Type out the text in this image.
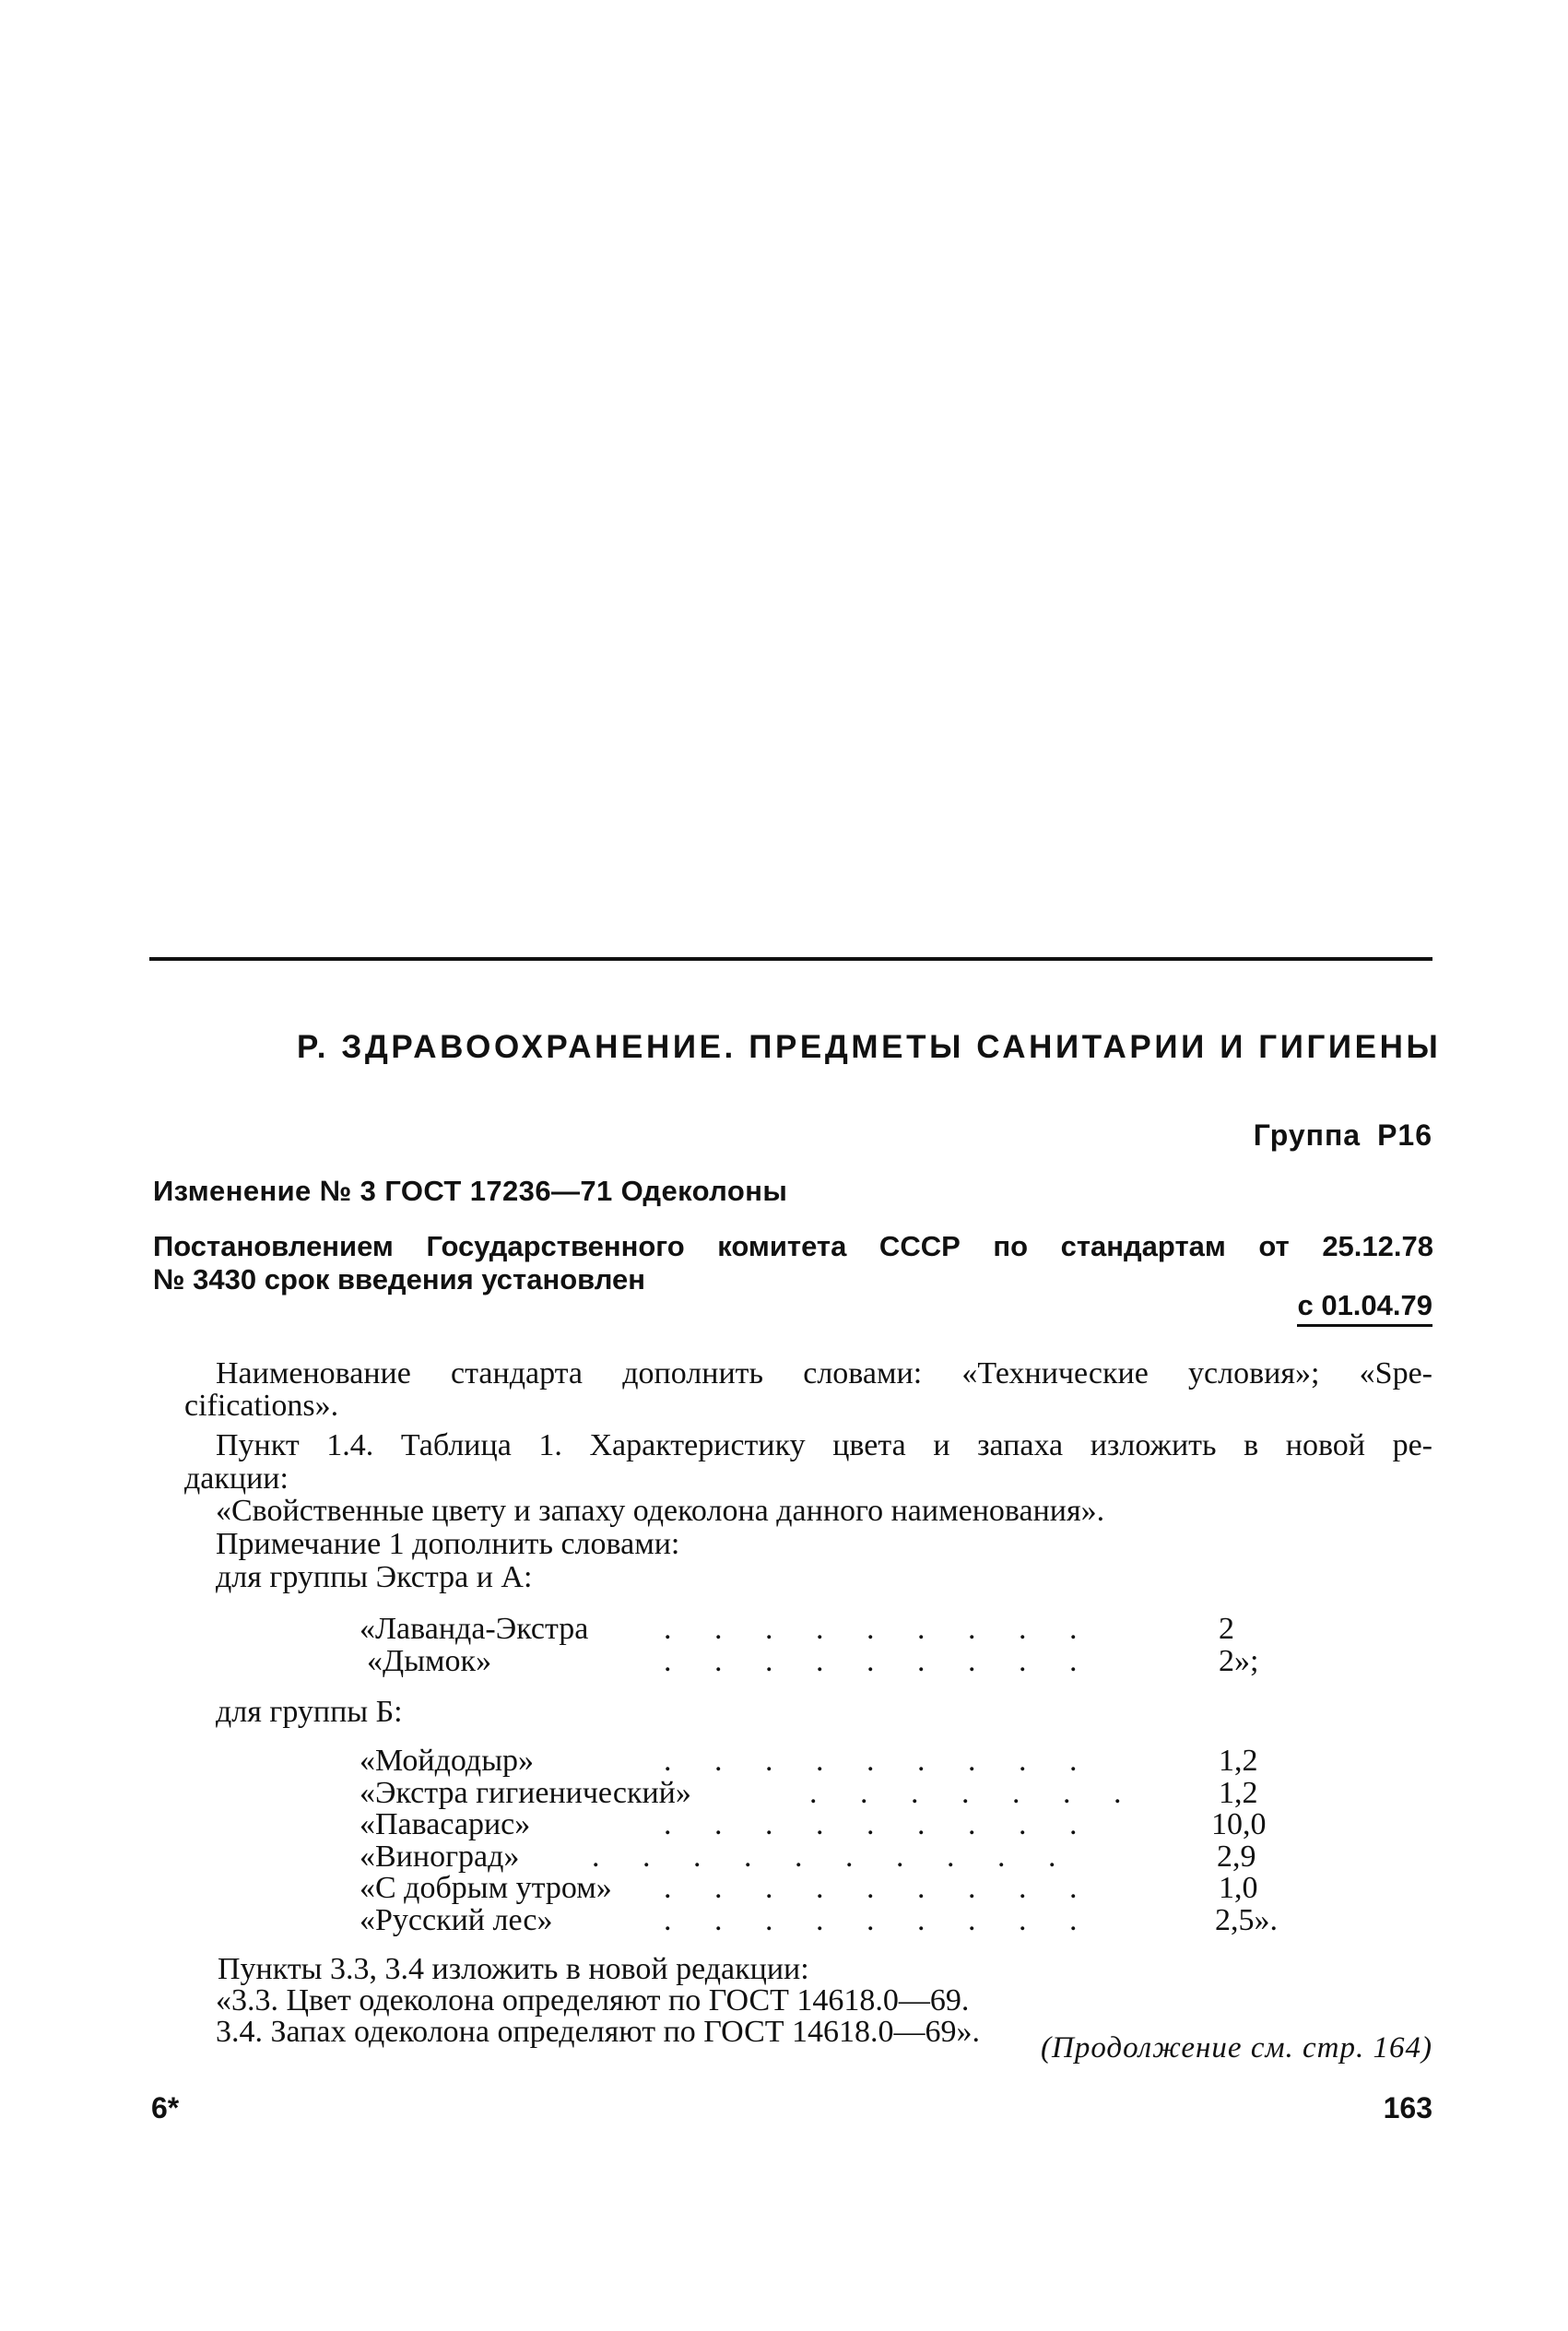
Р. ЗДРАВООХРАНЕНИЕ. ПРЕДМЕТЫ САНИТАРИИ И ГИГИЕНЫ
Группа Р16
Изменение № 3 ГОСТ 17236—71 Одеколоны
Постановлением Государственного комитета СССР по стандартам от 25.12.78
№ 3430 срок введения установлен
с 01.04.79
Наименование стандарта дополнить словами: «Технические условия»; «Spe-
cifications».
Пункт 1.4. Таблица 1. Характеристику цвета и запаха изложить в новой ре-
дакции:
«Свойственные цвету и запаху одеколона данного наименования».
Примечание 1 дополнить словами:
для группы Экстра и А:
«Лаванда-Экстра . . . . . . . . .	2
«Дымок»	. . . . . . . . .	2»;
для группы Б:
«Мойдодыр»	. . . . . . . . .	1,2
«Экстра гигиенический»	. . . . . . .	1,2
«Павасарис»	. . . . . . . . .	10,0
«Виноград» . . . . . . . . . .	2,9
«С добрым утром» . . . . . . . . .	1,0
«Русский лес»	. . . . . . . . .	2,5».
Пункты 3.3, 3.4 изложить в новой редакции:
«3.3. Цвет одеколона определяют по ГОСТ 14618.0—69.
3.4. Запах одеколона определяют по ГОСТ 14618.0—69». (Продолжение см. стр. 164)
6*	163
